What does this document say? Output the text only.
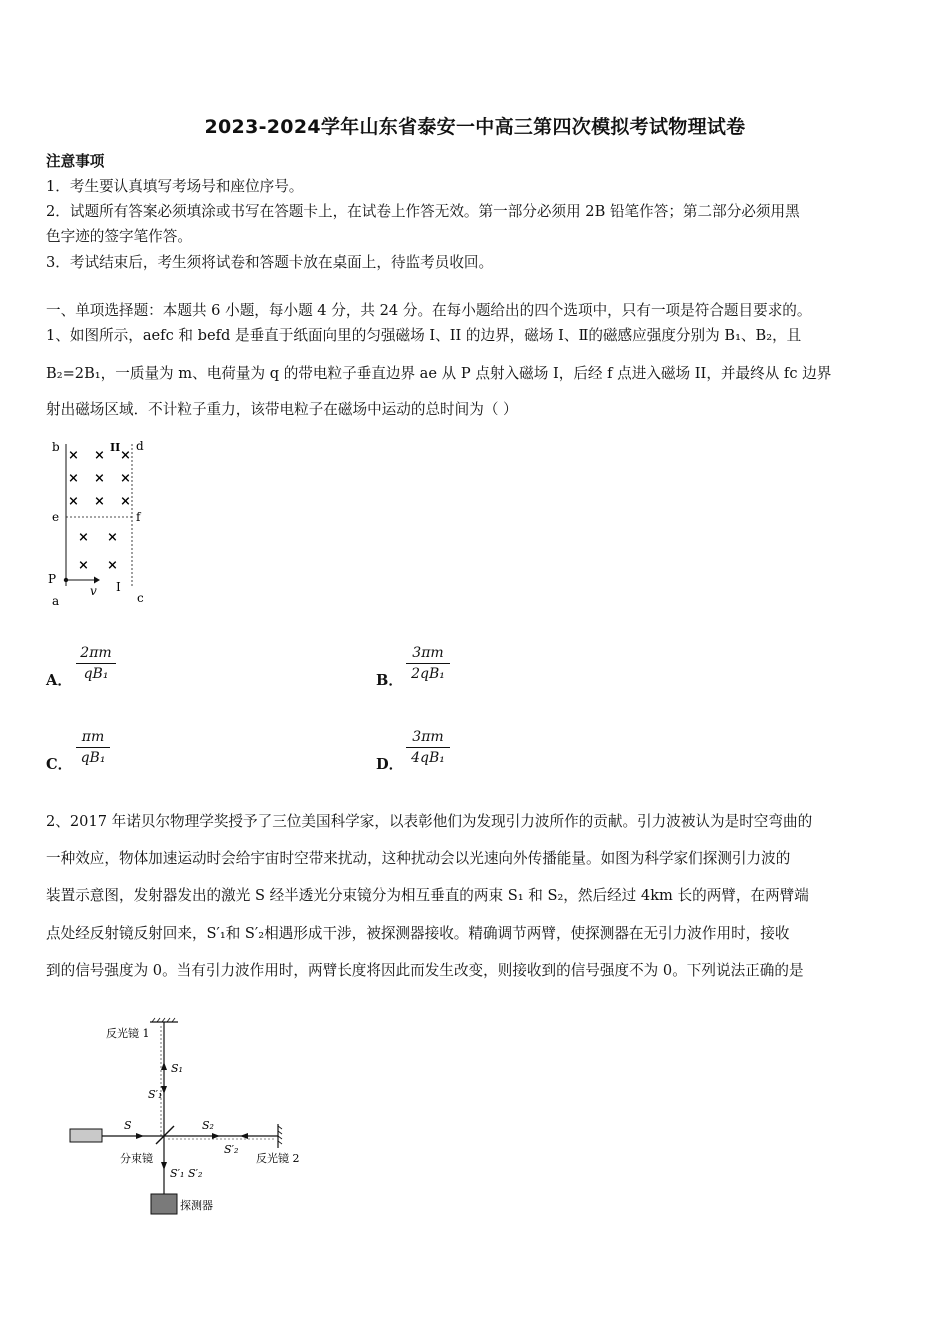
2023-2024学年山东省泰安一中高三第四次模拟考试物理试卷
注意事项
1．考生要认真填写考场号和座位序号。
2．试题所有答案必须填涂或书写在答题卡上，在试卷上作答无效。第一部分必须用 2B 铅笔作答；第二部分必须用黑
色字迹的签字笔作答。
3．考试结束后，考生须将试卷和答题卡放在桌面上，待监考员收回。
一、单项选择题：本题共 6 小题，每小题 4 分，共 24 分。在每小题给出的四个选项中，只有一项是符合题目要求的。
1、如图所示，aefc 和 befd 是垂直于纸面向里的匀强磁场 I、II 的边界，磁场 I、Ⅱ的磁感应强度分别为 B₁、B₂，且
B₂=2B₁，一质量为 m、电荷量为 q 的带电粒子垂直边界 ae 从 P 点射入磁场 I，后经 f 点进入磁场 II，并最终从 fc 边界
射出磁场区域．不计粒子重力，该带电粒子在磁场中运动的总时间为（ ）
b	d
II
e	f
P
v I
a	c
× × ×
× × ×
× × ×
× ×
× ×
A． $\frac{2\pi m}{\text{qB₁}}$	B． $\frac{3\pi m}{\text{2qB₁}}$
C． $\frac{\pi m}{\text{qB₁}}$	D． $\frac{3\pi m}{\text{4qB₁}}$
2、2017 年诺贝尔物理学奖授予了三位美国科学家，以表彰他们为发现引力波所作的贡献。引力波被认为是时空弯曲的
一种效应，物体加速运动时会给宇宙时空带来扰动，这种扰动会以光速向外传播能量。如图为科学家们探测引力波的
装置示意图，发射器发出的激光 S 经半透光分束镜分为相互垂直的两束 S₁ 和 S₂，然后经过 4km 长的两臂，在两臂端
点处经反射镜反射回来，S′₁和 S′₂相遇形成干涉，被探测器接收。精确调节两臂，使探测器在无引力波作用时，接收
到的信号强度为 0。当有引力波作用时，两臂长度将因此而发生改变，则接收到的信号强度不为 0。下列说法正确的是
反光镜 1
S₁
S′₁
S	S₂
S′₂
分束镜	反光镜 2
S′₁ S′₂
探测器
